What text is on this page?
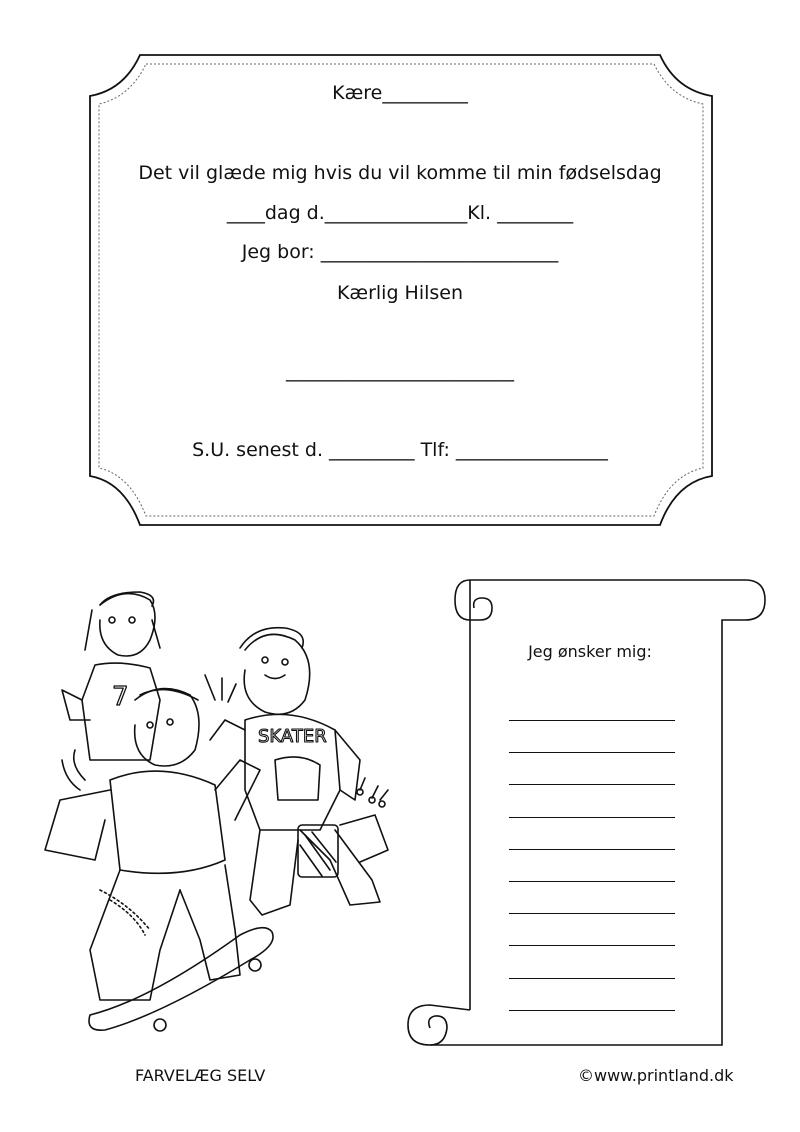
7
SKATER
Kære_________
Det vil glæde mig hvis du vil komme til min fødselsdag
____dag d._______________Kl. ________
Jeg bor: _________________________
Kærlig Hilsen
________________________
S.U. senest d. _________ Tlf: ________________
Jeg ønsker mig:
FARVELÆG SELV	©www.printland.dk
